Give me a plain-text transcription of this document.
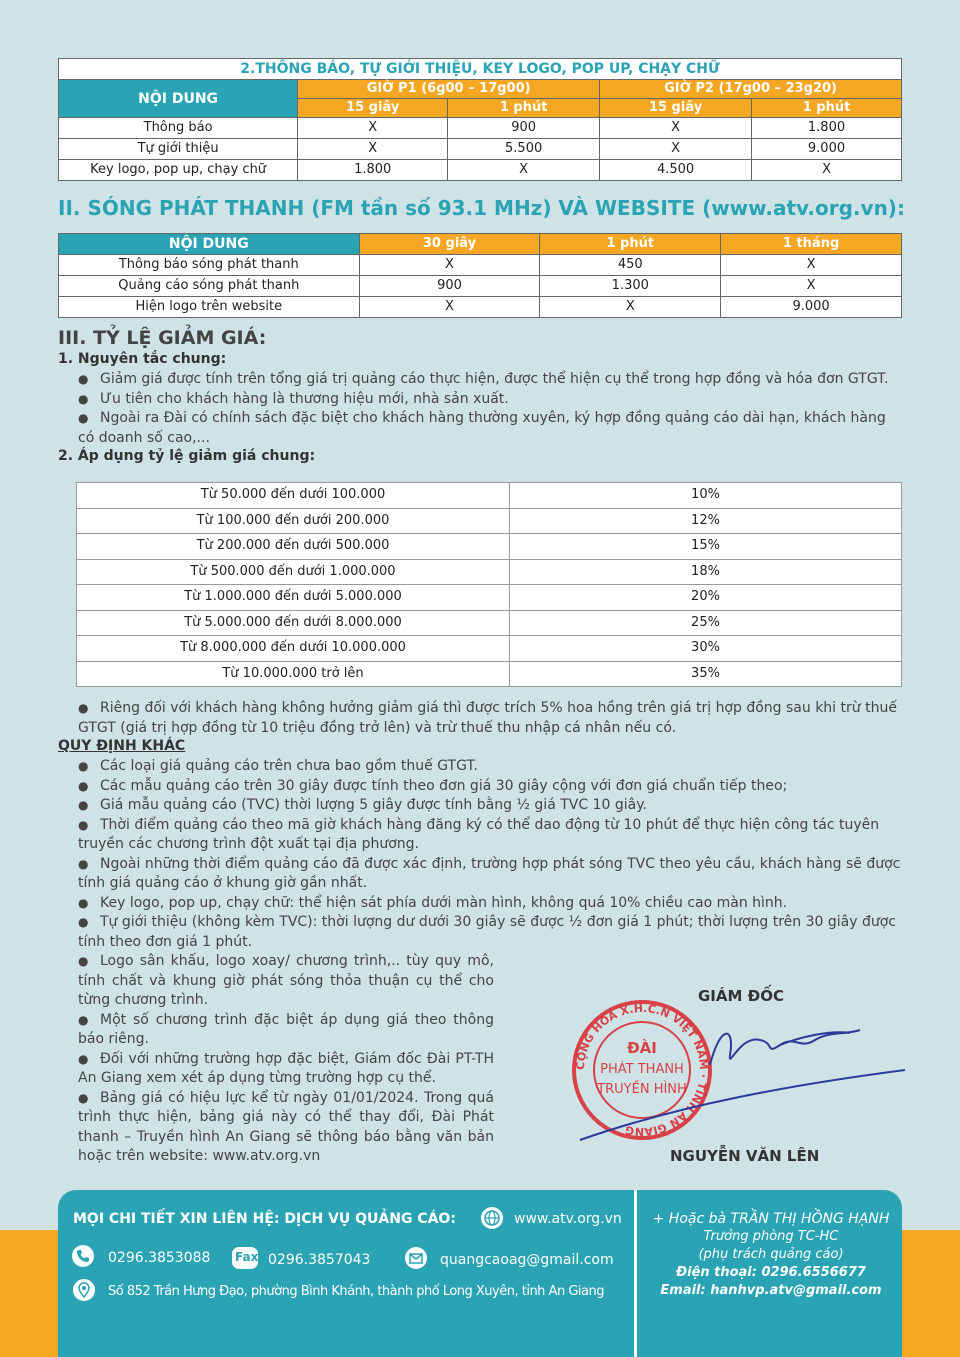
2.THÔNG BÁO, TỰ GIỚI THIỆU, KEY LOGO, POP UP, CHẠY CHỮ				
NỘI DUNG	GIỜ P1 (6g00 – 17g00)		GIỜ P2 (17g00 – 23g20)	
	15 giây	1 phút	15 giây	1 phút
Thông báo	X	900	X	1.800
Tự giới thiệu	X	5.500	X	9.000
Key logo, pop up, chạy chữ	1.800	X	4.500	X
II. SÓNG PHÁT THANH (FM tần số 93.1 MHz) VÀ WEBSITE (www.atv.org.vn):
NỘI DUNG	30 giây	1 phút	1 tháng
Thông báo sóng phát thanh	X	450	X
Quảng cáo sóng phát thanh	900	1.300	X
Hiện logo trên website	X	X	9.000
III. TỶ LỆ GIẢM GIÁ:
1. Nguyên tắc chung:
● Giảm giá được tính trên tổng giá trị quảng cáo thực hiện, được thể hiện cụ thể trong hợp đồng và hóa đơn GTGT.
● Ưu tiên cho khách hàng là thương hiệu mới, nhà sản xuất.
● Ngoài ra Đài có chính sách đặc biệt cho khách hàng thường xuyên, ký hợp đồng quảng cáo dài hạn, khách hàng có doanh số cao,...
2. Áp dụng tỷ lệ giảm giá chung:
Từ 50.000 đến dưới 100.000	10%
Từ 100.000 đến dưới 200.000	12%
Từ 200.000 đến dưới 500.000	15%
Từ 500.000 đến dưới 1.000.000	18%
Từ 1.000.000 đến dưới 5.000.000	20%
Từ 5.000.000 đến dưới 8.000.000	25%
Từ 8.000.000 đến dưới 10.000.000	30%
Từ 10.000.000 trở lên	35%
● Riêng đối với khách hàng không hưởng giảm giá thì được trích 5% hoa hồng trên giá trị hợp đồng sau khi trừ thuế GTGT (giá trị hợp đồng từ 10 triệu đồng trở lên) và trừ thuế thu nhập cá nhân nếu có.
QUY ĐỊNH KHÁC
● Các loại giá quảng cáo trên chưa bao gồm thuế GTGT.
● Các mẫu quảng cáo trên 30 giây được tính theo đơn giá 30 giây cộng với đơn giá chuẩn tiếp theo;
● Giá mẫu quảng cáo (TVC) thời lượng 5 giây được tính bằng ½ giá TVC 10 giây.
● Thời điểm quảng cáo theo mã giờ khách hàng đăng ký có thể dao động từ 10 phút để thực hiện công tác tuyên truyền các chương trình đột xuất tại địa phương.
● Ngoài những thời điểm quảng cáo đã được xác định, trường hợp phát sóng TVC theo yêu cầu, khách hàng sẽ được tính giá quảng cáo ở khung giờ gần nhất.
● Key logo, pop up, chạy chữ: thể hiện sát phía dưới màn hình, không quá 10% chiều cao màn hình.
● Tự giới thiệu (không kèm TVC): thời lượng dư dưới 30 giây sẽ được ½ đơn giá 1 phút; thời lượng trên 30 giây được tính theo đơn giá 1 phút.
● Logo sân khấu, logo xoay/ chương trình,.. tùy quy mô, tính chất và khung giờ phát sóng thỏa thuận cụ thể cho từng chương trình.
● Một số chương trình đặc biệt áp dụng giá theo thông báo riêng.
● Đối với những trường hợp đặc biệt, Giám đốc Đài PT-TH An Giang xem xét áp dụng từng trường hợp cụ thể.
● Bảng giá có hiệu lực kể từ ngày 01/01/2024. Trong quá trình thực hiện, bảng giá này có thể thay đổi, Đài Phát thanh – Truyền hình An Giang sẽ thông báo bằng văn bản hoặc trên website: www.atv.org.vn
GIÁM ĐỐC
CỘNG HÒA X.H.C.N VIỆT NAM · TỈNH AN GIANG
ĐÀI
PHÁT THANH
TRUYỀN HÌNH
NGUYỄN VĂN LÊN
MỌI CHI TIẾT XIN LIÊN HỆ: DỊCH VỤ QUẢNG CÁO:	www.atv.org.vn
0296.3853088 Fax 0296.3857043	quangcaoag@gmail.com
Số 852 Trần Hưng Đạo, phường Bình Khánh, thành phố Long Xuyên, tỉnh An Giang
+ Hoặc bà TRẦN THỊ HỒNG HẠNH
Trưởng phòng TC-HC
(phụ trách quảng cáo)
Điện thoại: 0296.6556677
Email: hanhvp.atv@gmail.com
